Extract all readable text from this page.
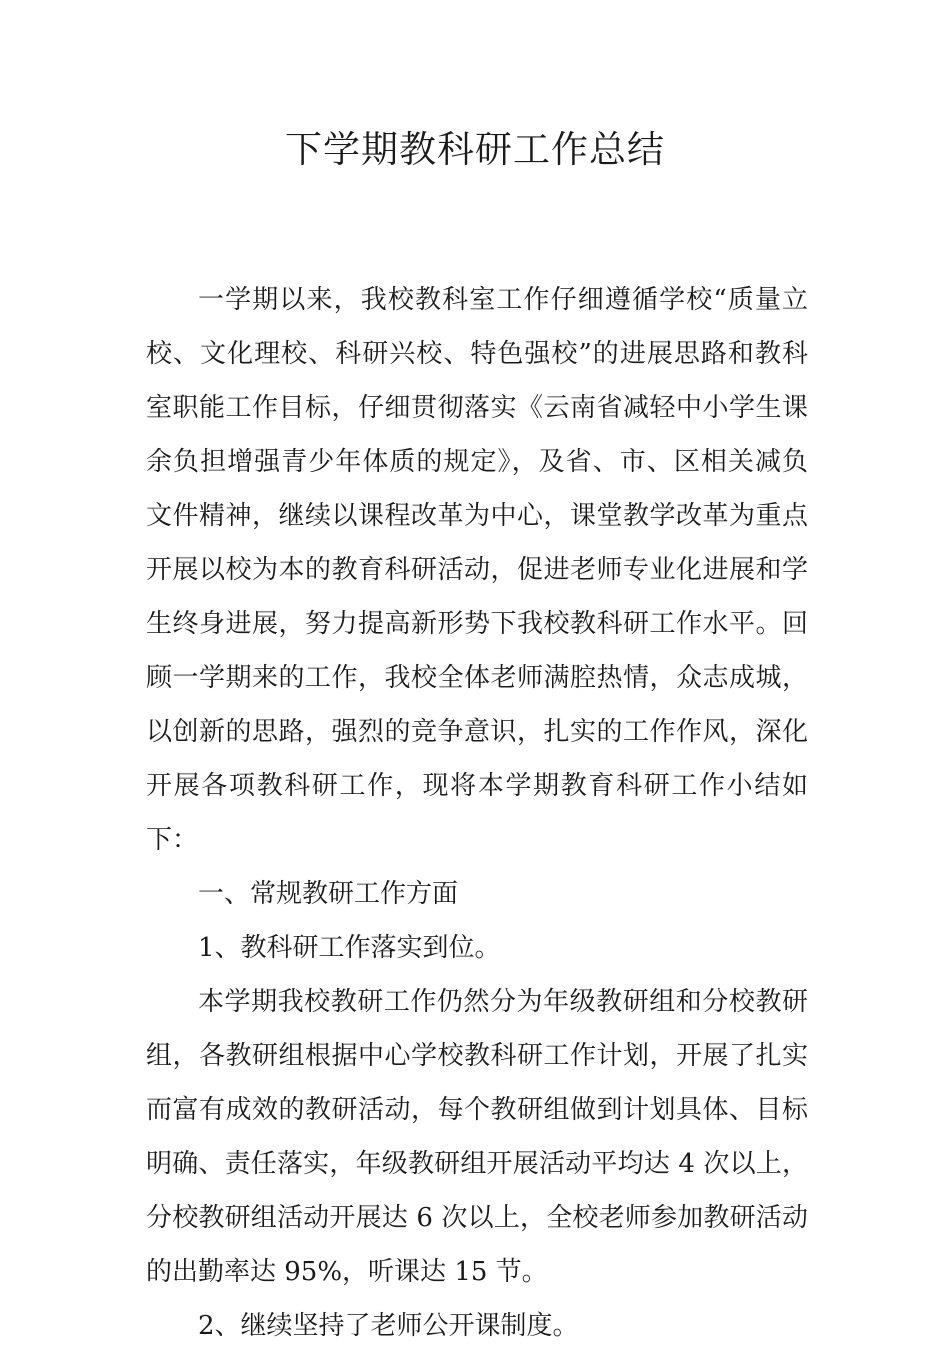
下学期教科研工作总结

一学期以来，我校教科室工作仔细遵循学校“质量立校、文化理校、科研兴校、特色强校”的进展思路和教科室职能工作目标，仔细贯彻落实《云南省减轻中小学生课余负担增强青少年体质的规定》，及省、市、区相关减负文件精神，继续以课程改革为中心，课堂教学改革为重点开展以校为本的教育科研活动，促进老师专业化进展和学生终身进展，努力提高新形势下我校教科研工作水平。回顾一学期来的工作，我校全体老师满腔热情，众志成城，以创新的思路，强烈的竞争意识，扎实的工作作风，深化开展各项教科研工作，现将本学期教育科研工作小结如下：

一、常规教研工作方面

1、教科研工作落实到位。

本学期我校教研工作仍然分为年级教研组和分校教研组，各教研组根据中心学校教科研工作计划，开展了扎实而富有成效的教研活动，每个教研组做到计划具体、目标明确、责任落实，年级教研组开展活动平均达 4 次以上，分校教研组活动开展达 6 次以上，全校老师参加教研活动的出勤率达 95%，听课达 15 节。

2、继续坚持了老师公开课制度。
